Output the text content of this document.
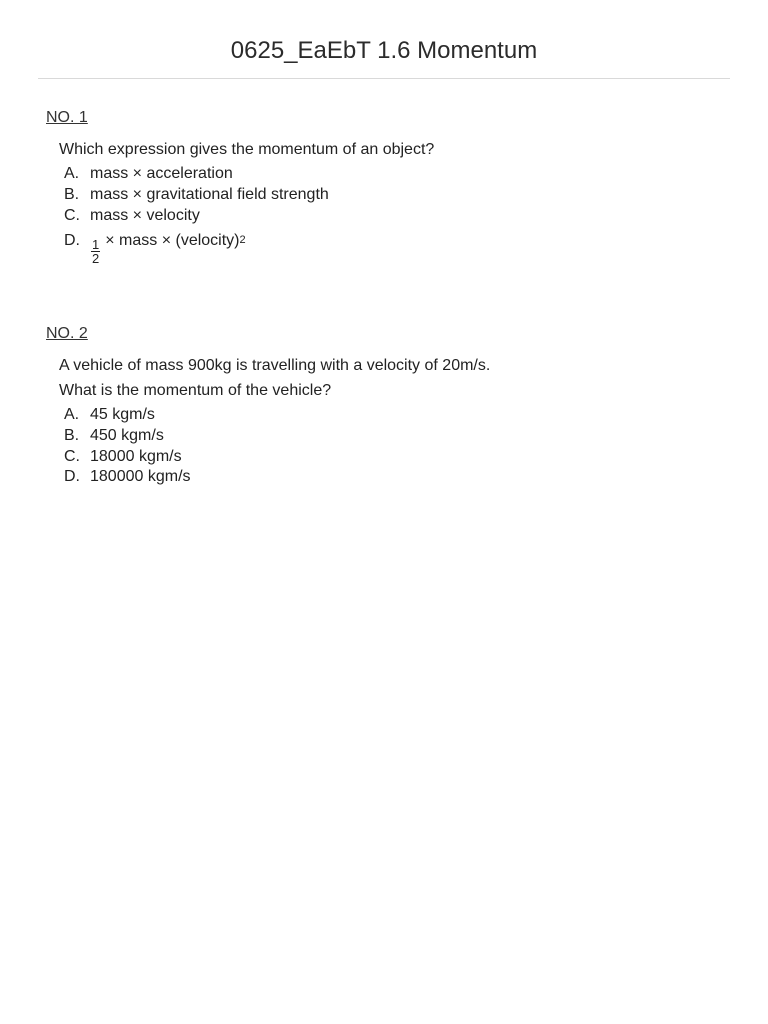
0625_EaEbT 1.6 Momentum
NO. 1

Which expression gives the momentum of an object?

A. mass × acceleration
B. mass × gravitational field strength
C. mass × velocity
D. $\frac{1}{2}$ × mass × (velocity)$^2$
NO. 2

A vehicle of mass 900kg is travelling with a velocity of 20m/s.

What is the momentum of the vehicle?

A. 45 kgm/s
B. 450 kgm/s
C. 18000 kgm/s
D. 180000 kgm/s
